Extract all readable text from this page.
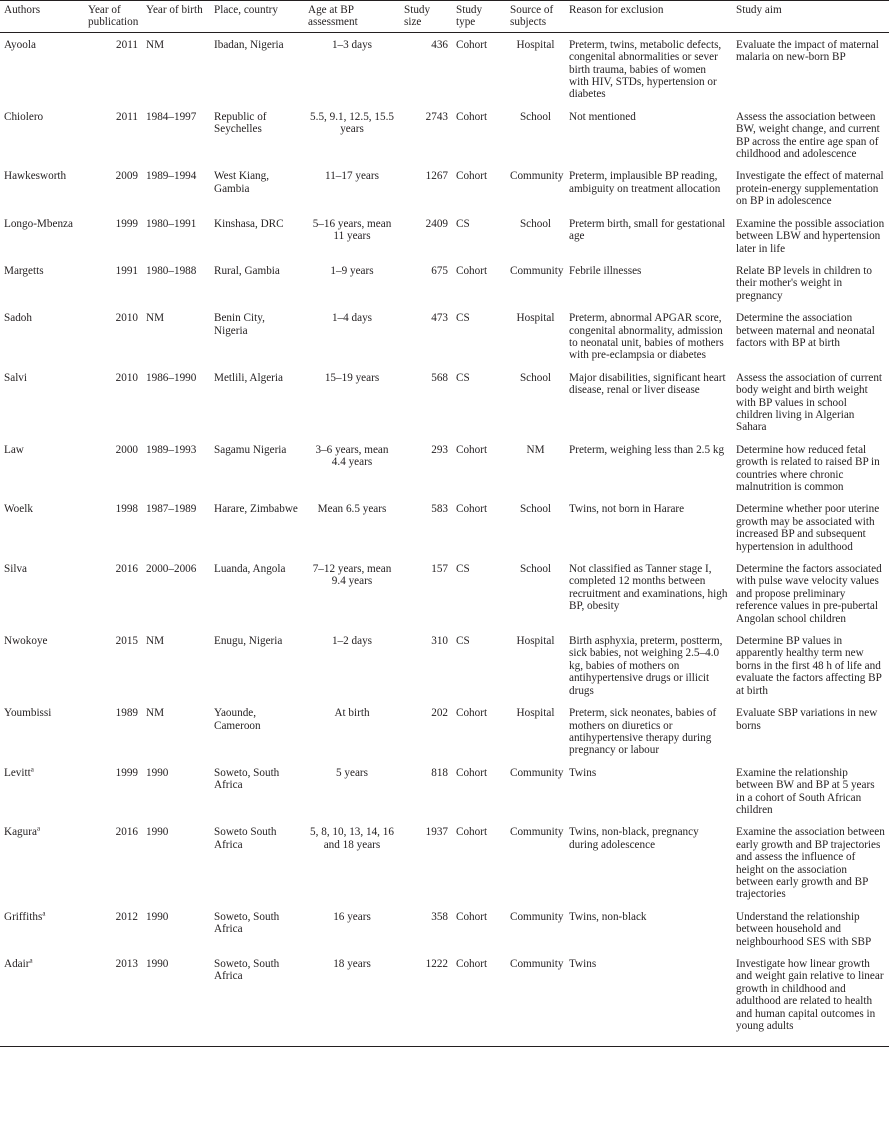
Authors	Year of publication	Year of birth	Place, country	Age at BP assessment	Study size	Study type	Source of subjects	Reason for exclusion	Study aim
Ayoola	2011	NM	Ibadan, Nigeria	1–3 days	436	Cohort	Hospital	Preterm, twins, metabolic defects, congenital abnormalities or sever birth trauma, babies of women with HIV, STDs, hypertension or diabetes	Evaluate the impact of maternal malaria on new-born BP
Chiolero	2011	1984–1997	Republic of Seychelles	5.5, 9.1, 12.5, 15.5 years	2743	Cohort	School	Not mentioned	Assess the association between BW, weight change, and current BP across the entire age span of childhood and adolescence
Hawkesworth	2009	1989–1994	West Kiang, Gambia	11–17 years	1267	Cohort	Community	Preterm, implausible BP reading, ambiguity on treatment allocation	Investigate the effect of maternal protein-energy supplementation on BP in adolescence
Longo-Mbenza	1999	1980–1991	Kinshasa, DRC	5–16 years, mean 11 years	2409	CS	School	Preterm birth, small for gestational age	Examine the possible association between LBW and hypertension later in life
Margetts	1991	1980–1988	Rural, Gambia	1–9 years	675	Cohort	Community	Febrile illnesses	Relate BP levels in children to their mother's weight in pregnancy
Sadoh	2010	NM	Benin City, Nigeria	1–4 days	473	CS	Hospital	Preterm, abnormal APGAR score, congenital abnormality, admission to neonatal unit, babies of mothers with pre-eclampsia or diabetes	Determine the association between maternal and neonatal factors with BP at birth
Salvi	2010	1986–1990	Metlili, Algeria	15–19 years	568	CS	School	Major disabilities, significant heart disease, renal or liver disease	Assess the association of current body weight and birth weight with BP values in school children living in Algerian Sahara
Law	2000	1989–1993	Sagamu Nigeria	3–6 years, mean 4.4 years	293	Cohort	NM	Preterm, weighing less than 2.5 kg	Determine how reduced fetal growth is related to raised BP in countries where chronic malnutrition is common
Woelk	1998	1987–1989	Harare, Zimbabwe	Mean 6.5 years	583	Cohort	School	Twins, not born in Harare	Determine whether poor uterine growth may be associated with increased BP and subsequent hypertension in adulthood
Silva	2016	2000–2006	Luanda, Angola	7–12 years, mean 9.4 years	157	CS	School	Not classified as Tanner stage I, completed 12 months between recruitment and examinations, high BP, obesity	Determine the factors associated with pulse wave velocity values and propose preliminary reference values in pre-pubertal Angolan school children
Nwokoye	2015	NM	Enugu, Nigeria	1–2 days	310	CS	Hospital	Birth asphyxia, preterm, postterm, sick babies, not weighing 2.5–4.0 kg, babies of mothers on antihypertensive drugs or illicit drugs	Determine BP values in apparently healthy term new borns in the first 48 h of life and evaluate the factors affecting BP at birth
Youmbissi	1989	NM	Yaounde, Cameroon	At birth	202	Cohort	Hospital	Preterm, sick neonates, babies of mothers on diuretics or antihypertensive therapy during pregnancy or labour	Evaluate SBP variations in new borns
Levitt$^a$	1999	1990	Soweto, South Africa	5 years	818	Cohort	Community	Twins	Examine the relationship between BW and BP at 5 years in a cohort of South African children
Kagura$^a$	2016	1990	Soweto South Africa	5, 8, 10, 13, 14, 16 and 18 years	1937	Cohort	Community	Twins, non-black, pregnancy during adolescence	Examine the association between early growth and BP trajectories and assess the influence of height on the association between early growth and BP trajectories
Griffiths$^a$	2012	1990	Soweto, South Africa	16 years	358	Cohort	Community	Twins, non-black	Understand the relationship between household and neighbourhood SES with SBP
Adair$^a$	2013	1990	Soweto, South Africa	18 years	1222	Cohort	Community	Twins	Investigate how linear growth and weight gain relative to linear growth in childhood and adulthood are related to health and human capital outcomes in young adults
